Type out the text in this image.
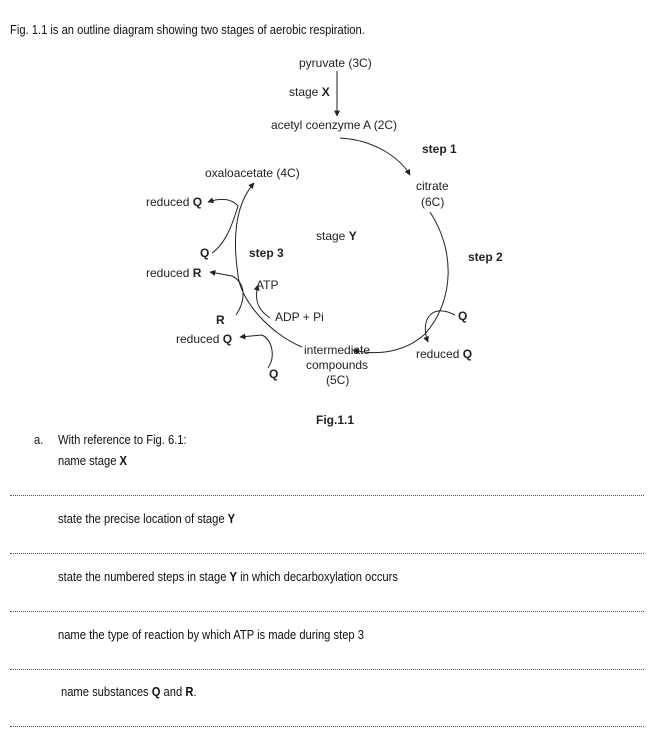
Fig. 1.1 is an outline diagram showing two stages of aerobic respiration.
pyruvate (3C)
stage X
acetyl coenzyme A (2C)
step 1
citrate
(6C)
step 2
stage Y
step 3
oxaloacetate (4C)
reduced Q
Q
reduced R
ATP
R	ADP + Pi
reduced Q
Q
Q
reduced Q
intermediate
compounds
(5C)
Fig.1.1
a. With reference to Fig. 6.1:
name stage X
state the precise location of stage Y
state the numbered steps in stage Y in which decarboxylation occurs
name the type of reaction by which ATP is made during step 3
name substances Q and R.
